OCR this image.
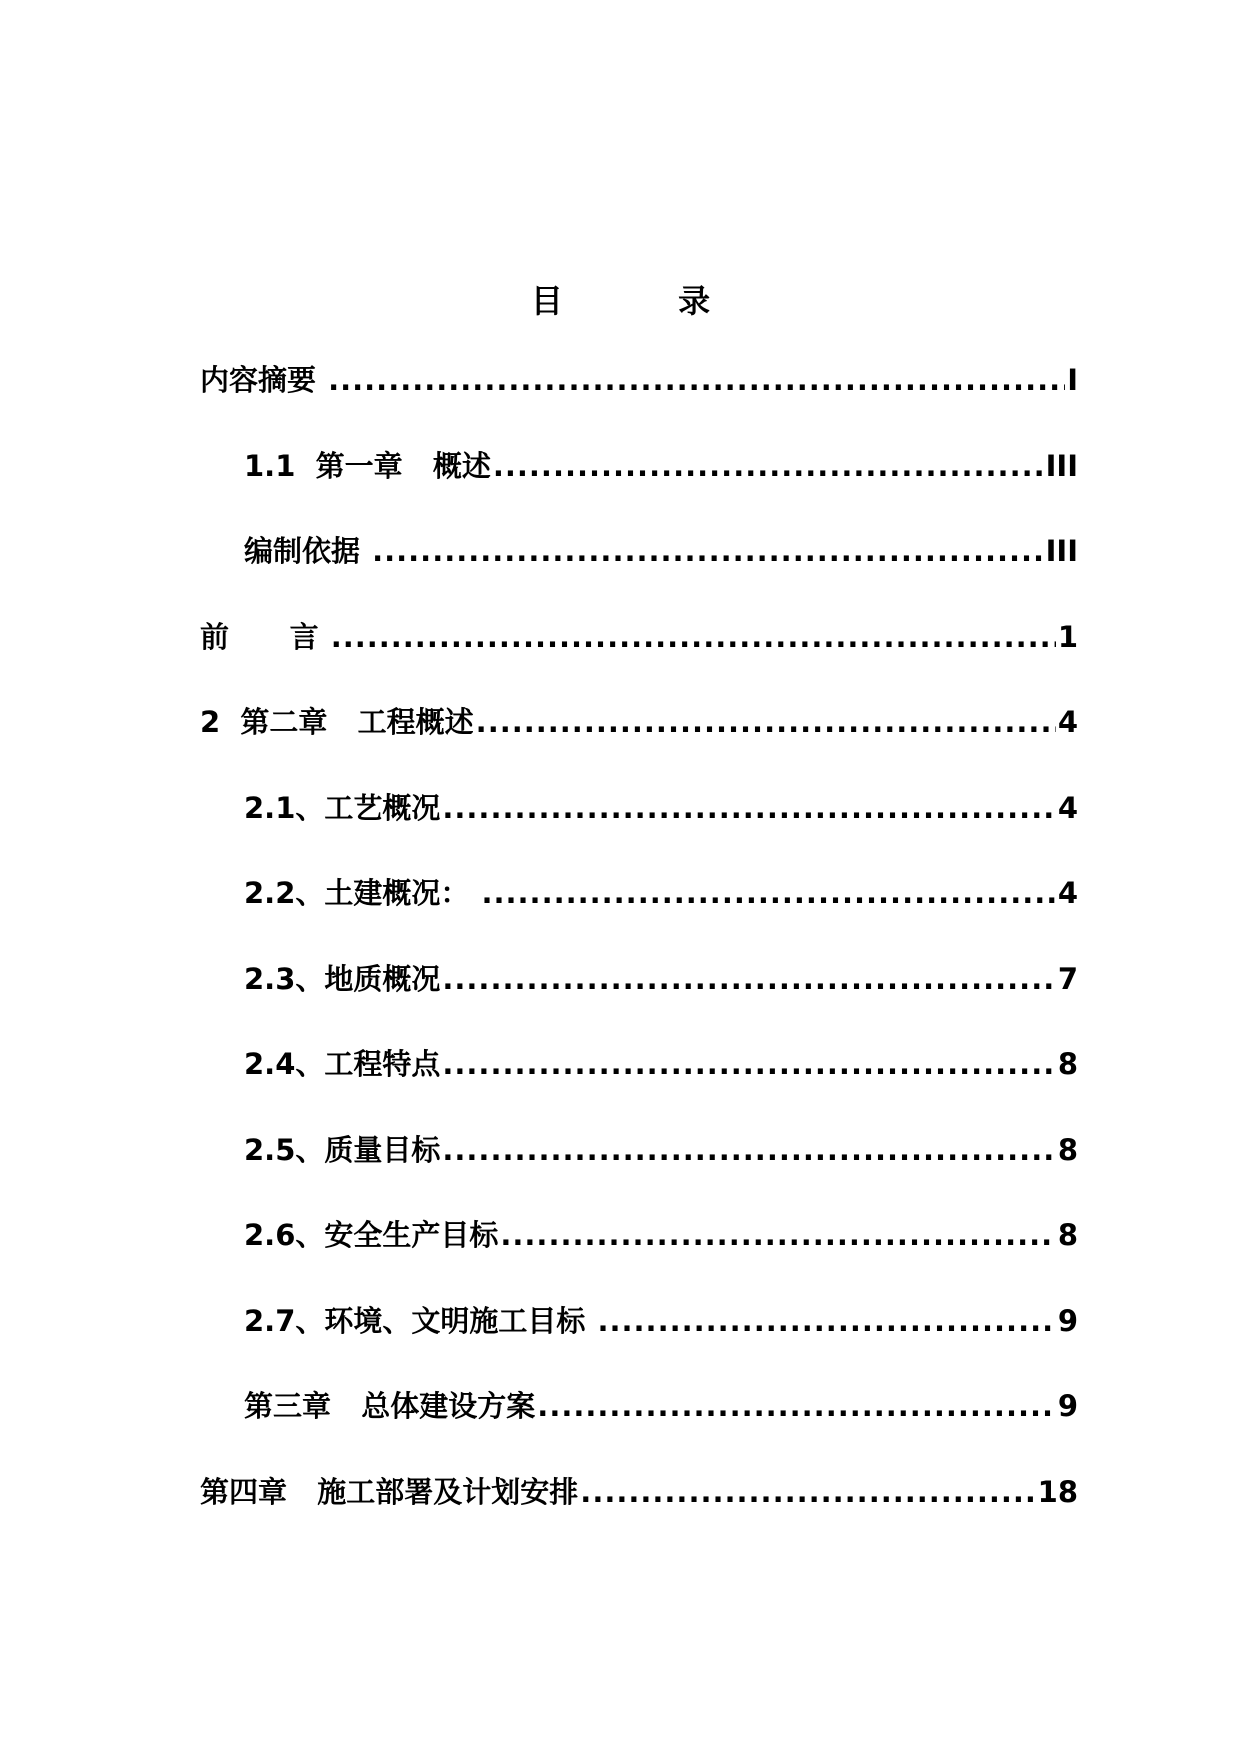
目 录
内容摘要 .....	I
1.1  第一章   概述 .....	III
编制依据 .....	III
前      言 .....	1
2  第二章   工程概述 .....	4
2.1、工艺概况 .....	4
2.2、土建概况： .....	4
2.3、地质概况 .....	7
2.4、工程特点 .....	8
2.5、质量目标 .....	8
2.6、安全生产目标 .....	8
2.7、环境、文明施工目标 .....	9
第三章   总体建设方案 .....	9
第四章   施工部署及计划安排 .....	18
